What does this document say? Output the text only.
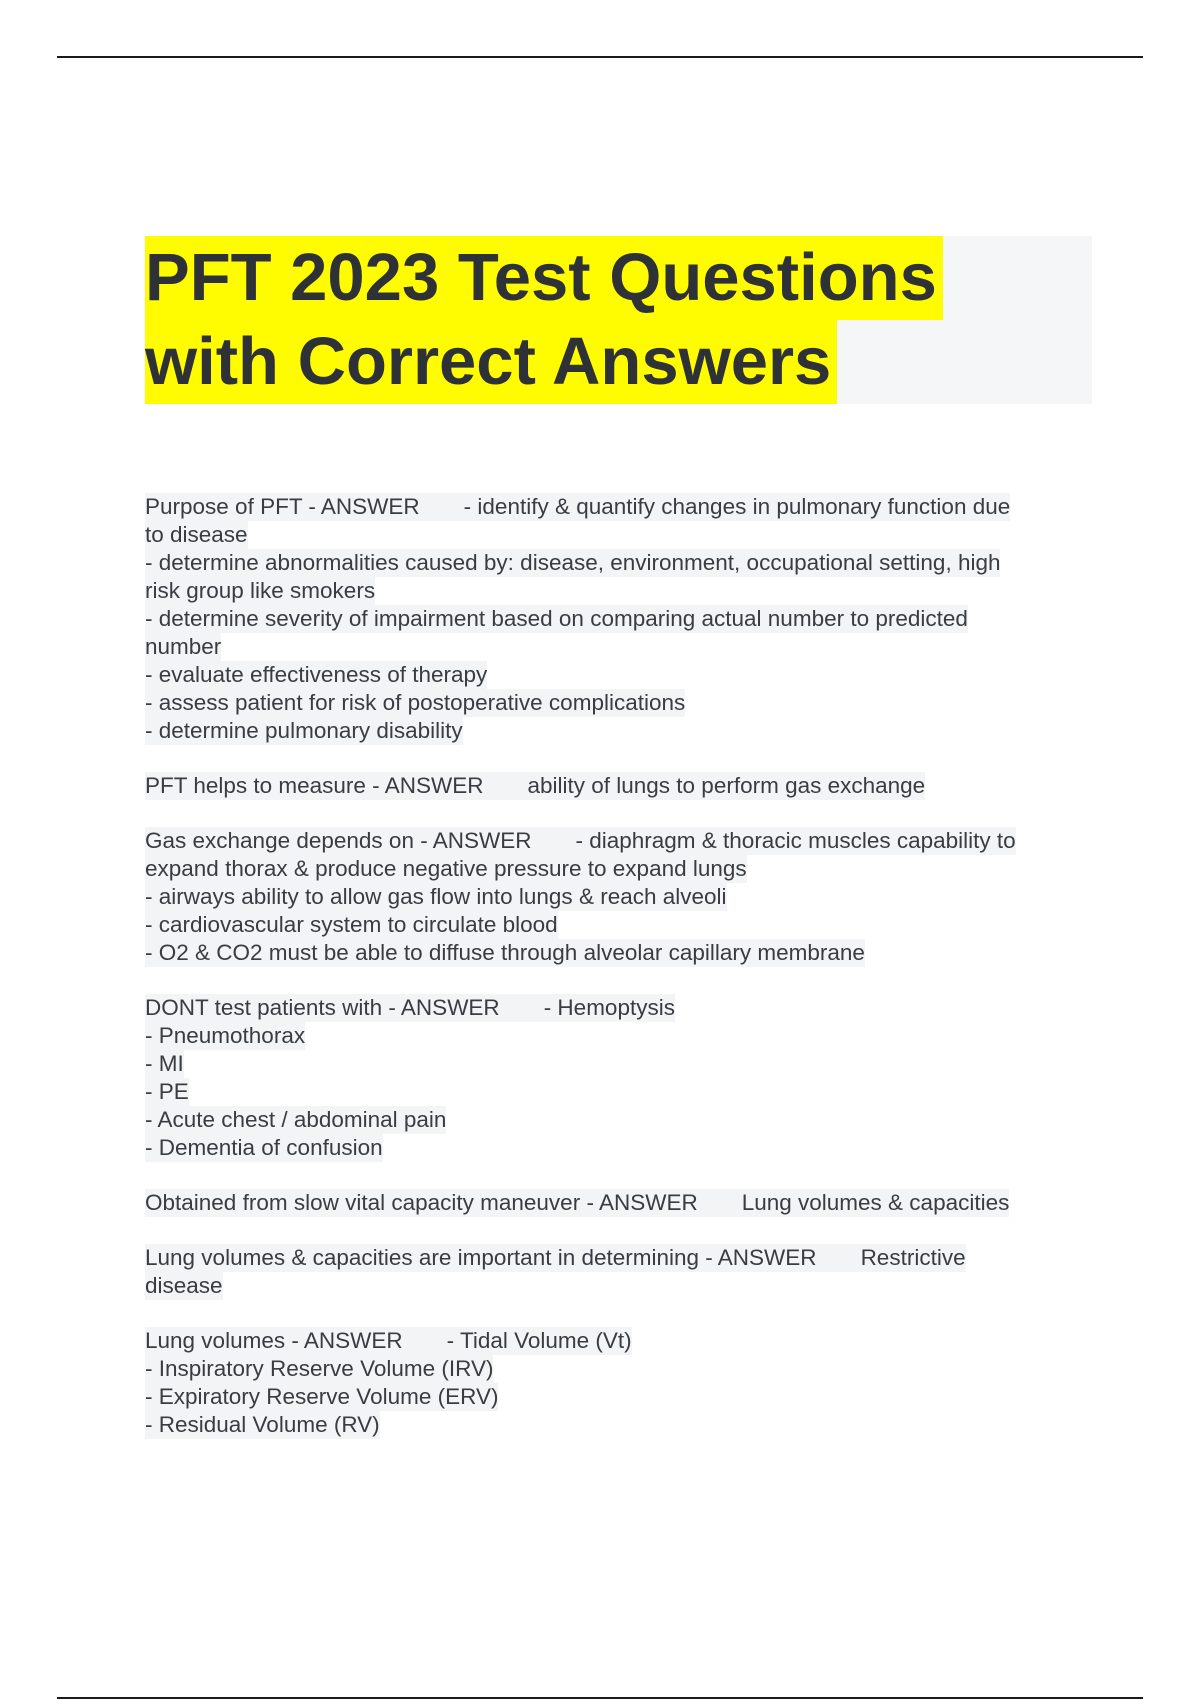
PFT 2023 Test Questions
with Correct Answers
Purpose of PFT - ANSWER - identify & quantify changes in pulmonary function due
to disease
- determine abnormalities caused by: disease, environment, occupational setting, high
risk group like smokers
- determine severity of impairment based on comparing actual number to predicted
number
- evaluate effectiveness of therapy
- assess patient for risk of postoperative complications
- determine pulmonary disability
PFT helps to measure - ANSWER ability of lungs to perform gas exchange
Gas exchange depends on - ANSWER - diaphragm & thoracic muscles capability to
expand thorax & produce negative pressure to expand lungs
- airways ability to allow gas flow into lungs & reach alveoli
- cardiovascular system to circulate blood
- O2 & CO2 must be able to diffuse through alveolar capillary membrane
DONT test patients with - ANSWER - Hemoptysis
- Pneumothorax
- MI
- PE
- Acute chest / abdominal pain
- Dementia of confusion
Obtained from slow vital capacity maneuver - ANSWER Lung volumes & capacities
Lung volumes & capacities are important in determining - ANSWER Restrictive
disease
Lung volumes - ANSWER - Tidal Volume (Vt)
- Inspiratory Reserve Volume (IRV)
- Expiratory Reserve Volume (ERV)
- Residual Volume (RV)
